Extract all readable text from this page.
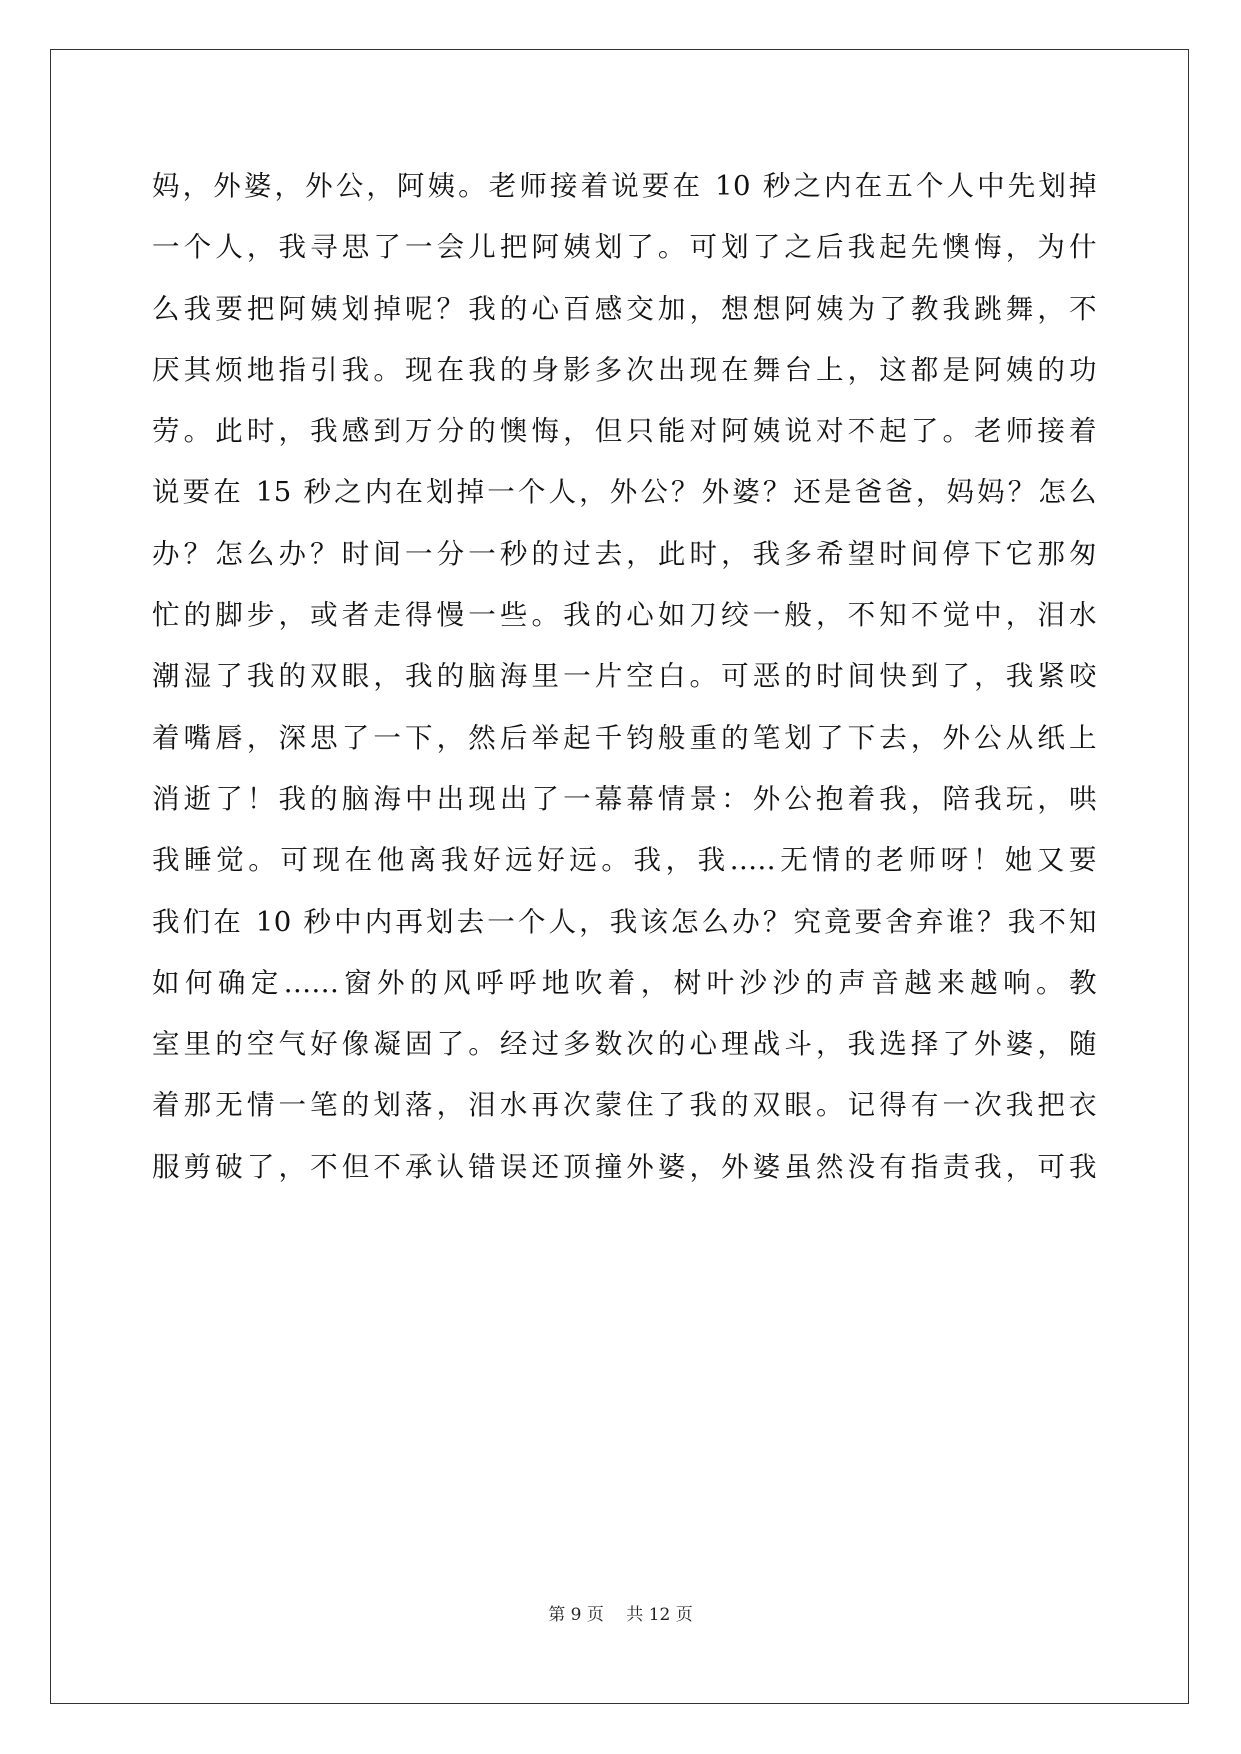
妈，外婆，外公，阿姨。老师接着说要在 10 秒之内在五个人中先划掉
一个人，我寻思了一会儿把阿姨划了。可划了之后我起先懊悔，为什
么我要把阿姨划掉呢？我的心百感交加，想想阿姨为了教我跳舞，不
厌其烦地指引我。现在我的身影多次出现在舞台上，这都是阿姨的功
劳。此时，我感到万分的懊悔，但只能对阿姨说对不起了。老师接着
说要在 15 秒之内在划掉一个人，外公？外婆？还是爸爸，妈妈？怎么
办？怎么办？时间一分一秒的过去，此时，我多希望时间停下它那匆
忙的脚步，或者走得慢一些。我的心如刀绞一般，不知不觉中，泪水
潮湿了我的双眼，我的脑海里一片空白。可恶的时间快到了，我紧咬
着嘴唇，深思了一下，然后举起千钧般重的笔划了下去，外公从纸上
消逝了！我的脑海中出现出了一幕幕情景：外公抱着我，陪我玩，哄
我睡觉。可现在他离我好远好远。我，我.....无情的老师呀！她又要
我们在 10 秒中内再划去一个人，我该怎么办？究竟要舍弃谁？我不知
如何确定......窗外的风呼呼地吹着，树叶沙沙的声音越来越响。教
室里的空气好像凝固了。经过多数次的心理战斗，我选择了外婆，随
着那无情一笔的划落，泪水再次蒙住了我的双眼。记得有一次我把衣
服剪破了，不但不承认错误还顶撞外婆，外婆虽然没有指责我，可我
第 9 页　 共 12 页
